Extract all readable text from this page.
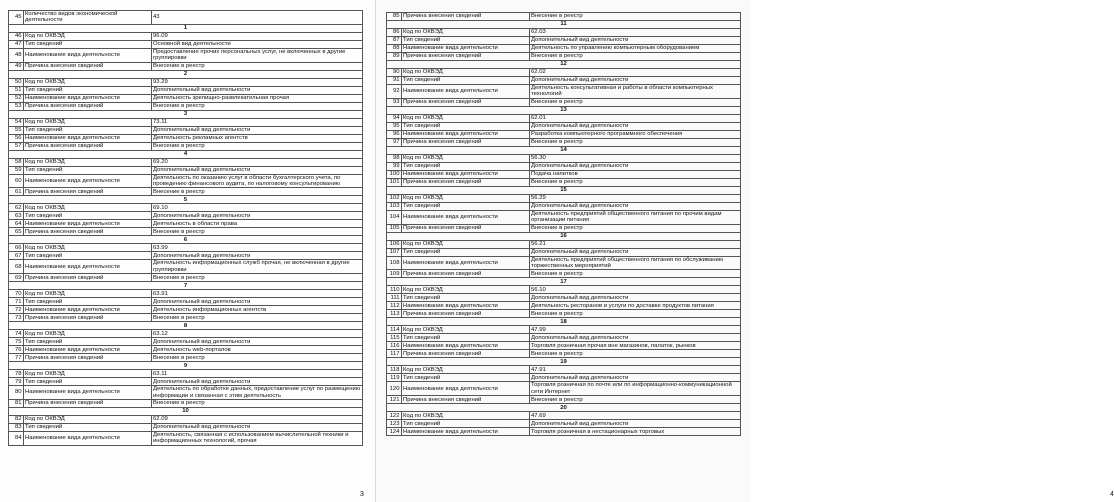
45	Количество видов экономической деятельности	43
1		
46	Код по ОКВЭД	96.09
47	Тип сведений	Основной вид деятельности
48	Наименование вида деятельности	Предоставление прочих персональных услуг, не включенных в другие группировки
49	Причина внесения сведений	Внесение в реестр
2		
50	Код по ОКВЭД	93.29
51	Тип сведений	Дополнительный вид деятельности
52	Наименование вида деятельности	Деятельность зрелищно-развлекательная прочая
53	Причина внесения сведений	Внесение в реестр
3		
54	Код по ОКВЭД	73.11
55	Тип сведений	Дополнительный вид деятельности
56	Наименование вида деятельности	Деятельность рекламных агентств
57	Причина внесения сведений	Внесение в реестр
4		
58	Код по ОКВЭД	69.20
59	Тип сведений	Дополнительный вид деятельности
60	Наименование вида деятельности	Деятельность по оказанию услуг в области бухгалтерского учета, по проведению финансового аудита, по налоговому консультированию
61	Причина внесения сведений	Внесение в реестр
5		
62	Код по ОКВЭД	69.10
63	Тип сведений	Дополнительный вид деятельности
64	Наименование вида деятельности	Деятельность в области права
65	Причина внесения сведений	Внесение в реестр
6		
66	Код по ОКВЭД	63.99
67	Тип сведений	Дополнительный вид деятельности
68	Наименование вида деятельности	Деятельность информационных служб прочая, не включенная в другие группировки
69	Причина внесения сведений	Внесение в реестр
7		
70	Код по ОКВЭД	63.91
71	Тип сведений	Дополнительный вид деятельности
72	Наименование вида деятельности	Деятельность информационных агентств
73	Причина внесения сведений	Внесение в реестр
8		
74	Код по ОКВЭД	63.12
75	Тип сведений	Дополнительный вид деятельности
76	Наименование вида деятельности	Деятельность web-порталов
77	Причина внесения сведений	Внесение в реестр
9		
78	Код по ОКВЭД	63.11
79	Тип сведений	Дополнительный вид деятельности
80	Наименование вида деятельности	Деятельность по обработке данных, предоставление услуг по размещению информации и связанная с этим деятельность
81	Причина внесения сведений	Внесение в реестр
10		
82	Код по ОКВЭД	62.09
83	Тип сведений	Дополнительный вид деятельности
84	Наименование вида деятельности	Деятельность, связанная с использованием вычислительной техники и информационных технологий, прочая
3	4
85	Причина внесения сведений	Внесение в реестр
11		
86	Код по ОКВЭД	62.03
87	Тип сведений	Дополнительный вид деятельности
88	Наименование вида деятельности	Деятельность по управлению компьютерным оборудованием
89	Причина внесения сведений	Внесение в реестр
12		
90	Код по ОКВЭД	62.02
91	Тип сведений	Дополнительный вид деятельности
92	Наименование вида деятельности	Деятельность консультативная и работы в области компьютерных технологий
93	Причина внесения сведений	Внесение в реестр
13		
94	Код по ОКВЭД	62.01
95	Тип сведений	Дополнительный вид деятельности
96	Наименование вида деятельности	Разработка компьютерного программного обеспечения
97	Причина внесения сведений	Внесение в реестр
14		
98	Код по ОКВЭД	56.30
99	Тип сведений	Дополнительный вид деятельности
100	Наименование вида деятельности	Подача напитков
101	Причина внесения сведений	Внесение в реестр
15		
102	Код по ОКВЭД	56.29
103	Тип сведений	Дополнительный вид деятельности
104	Наименование вида деятельности	Деятельность предприятий общественного питания по прочим видам организации питания
105	Причина внесения сведений	Внесение в реестр
16		
106	Код по ОКВЭД	56.21
107	Тип сведений	Дополнительный вид деятельности
108	Наименование вида деятельности	Деятельность предприятий общественного питания по обслуживанию торжественных мероприятий
109	Причина внесения сведений	Внесение в реестр
17		
110	Код по ОКВЭД	56.10
111	Тип сведений	Дополнительный вид деятельности
112	Наименование вида деятельности	Деятельность ресторанов и услуги по доставке продуктов питания
113	Причина внесения сведений	Внесение в реестр
18		
114	Код по ОКВЭД	47.99
115	Тип сведений	Дополнительный вид деятельности
116	Наименование вида деятельности	Торговля розничная прочая вне магазинов, палаток, рынков
117	Причина внесения сведений	Внесение в реестр
19		
118	Код по ОКВЭД	47.91
119	Тип сведений	Дополнительный вид деятельности
120	Наименование вида деятельности	Торговля розничная по почте или по информационно-коммуникационной сети Интернет
121	Причина внесения сведений	Внесение в реестр
20		
122	Код по ОКВЭД	47.69
123	Тип сведений	Дополнительный вид деятельности
124	Наименование вида деятельности	Торговля розничная в нестационарных торговых
